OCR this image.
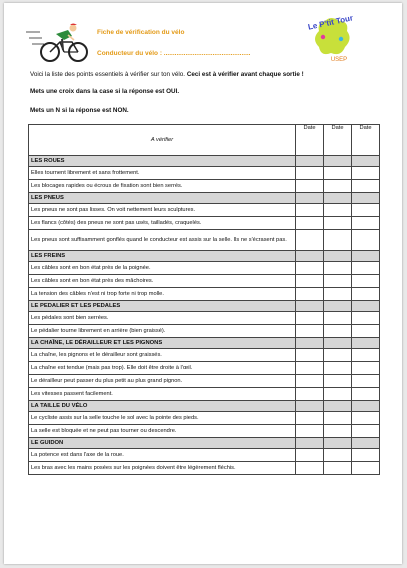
Fiche de vérification du vélo
Conducteur du vélo : ................................................
Le P'tit Tour
USEP
Voici la liste des points essentiels à vérifier sur ton vélo. Ceci est à vérifier avant chaque sortie !
Mets une croix dans la case si la réponse est OUI.
Mets un N si la réponse est NON.
A vérifier	Date	Date	Date
LES ROUES			
Elles tournent librement et sans frottement.			
Les blocages rapides ou écrous de fixation sont bien serrés.			
LES PNEUS			
Les pneus ne sont pas lisses. On voit nettement leurs sculptures.			
Les flancs (côtés) des pneus ne sont pas usés, tailladés, craquelés.			
Les pneus sont suffisamment gonflés quand le conducteur est assis sur la selle. Ils ne s'écrasent pas.			
LES FREINS			
Les câbles sont en bon état près de la poignée.			
Les câbles sont en bon état près des mâchoires.			
La tension des câbles n'est ni trop forte ni trop molle.			
LE PEDALIER ET LES PEDALES			
Les pédales sont bien serrées.			
Le pédalier tourne librement en arrière (bien graissé).			
LA CHAÎNE, LE DÉRAILLEUR ET LES PIGNONS			
La chaîne, les pignons et le dérailleur sont graissés.			
La chaîne est tendue (mais pas trop). Elle doit être droite à l'œil.			
Le dérailleur peut passer du plus petit au plus grand pignon.			
Les vitesses passent facilement.			
LA TAILLE DU VÉLO			
Le cycliste assis sur la selle touche le sol avec la pointe des pieds.			
La selle est bloquée et ne peut pas tourner ou descendre.			
LE GUIDON			
La potence est dans l'axe de la roue.			
Les bras avec les mains posées sur les poignées doivent être légèrement fléchis.			
